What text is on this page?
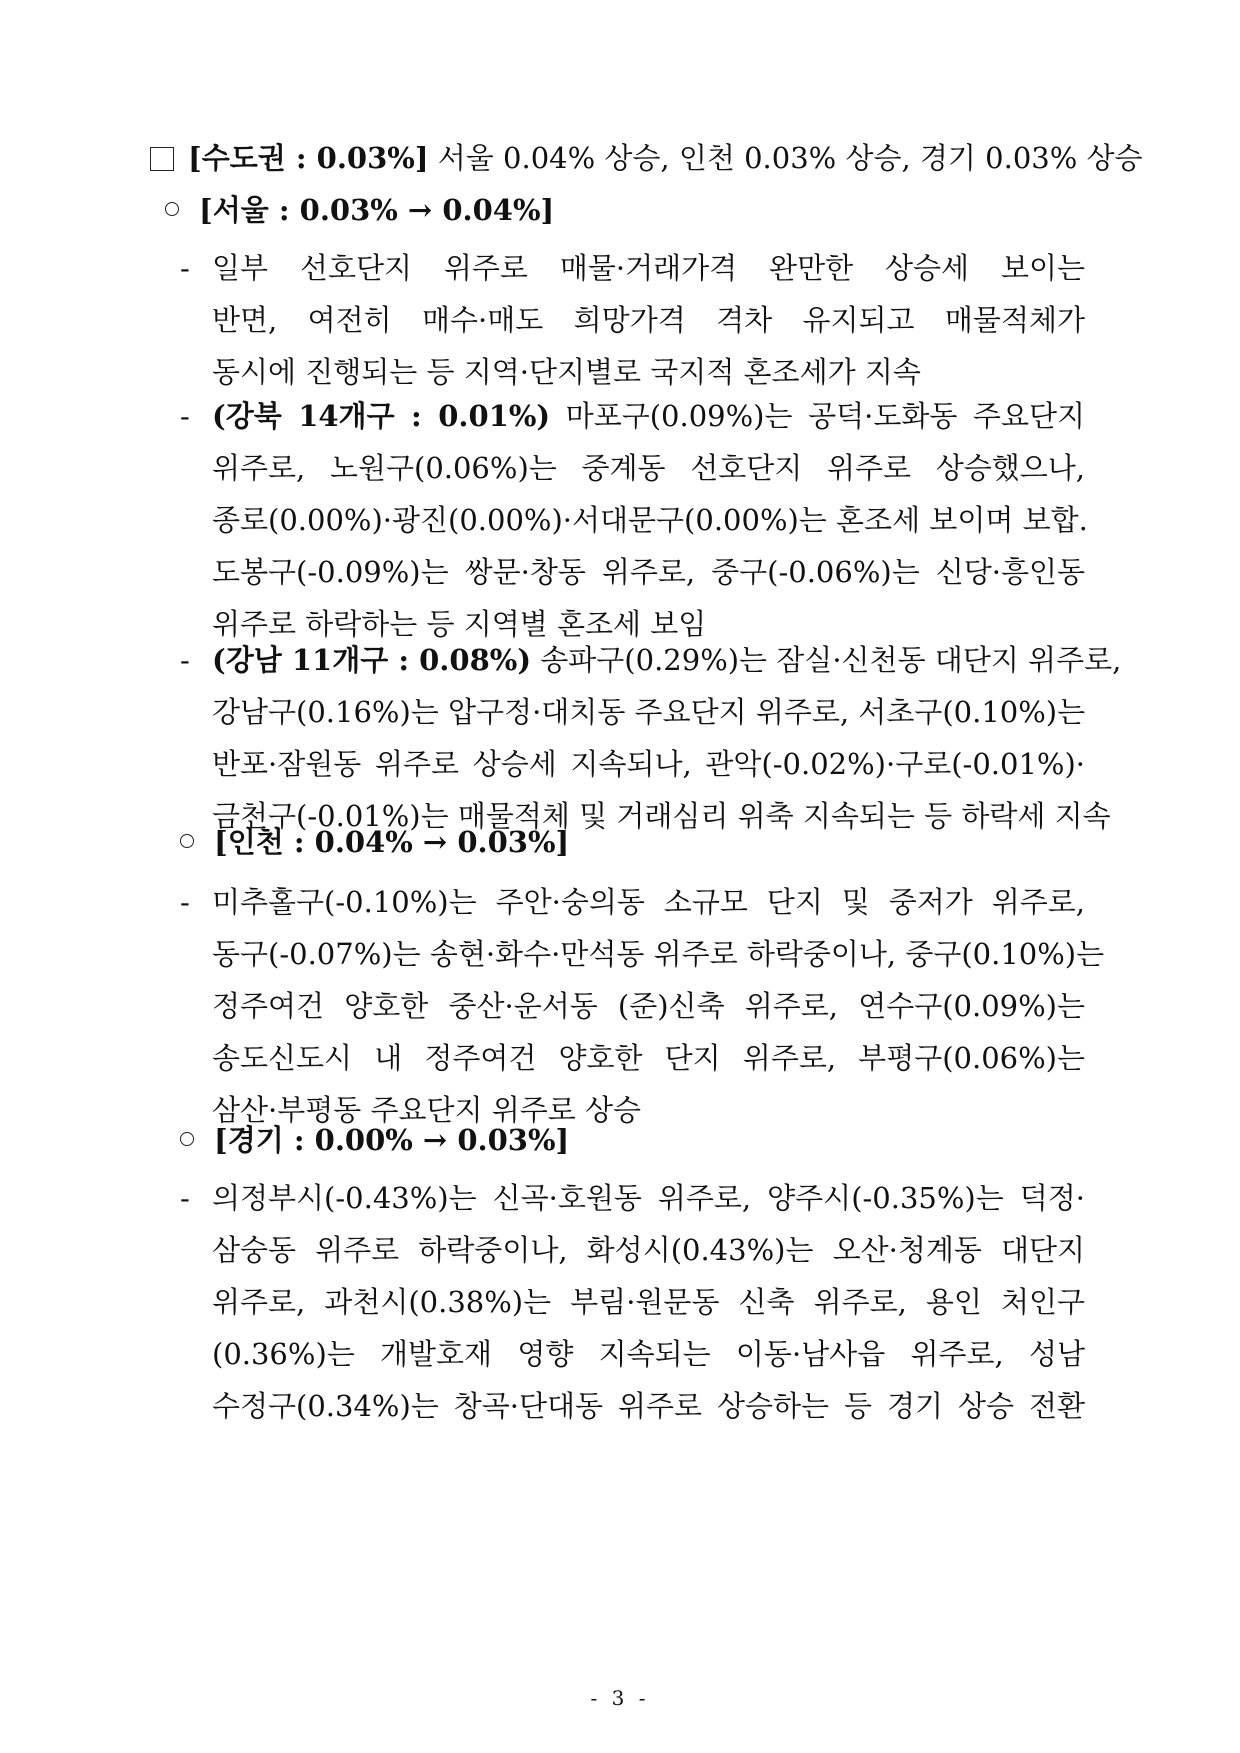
[수도권 : 0.03%] 서울 0.04% 상승, 인천 0.03% 상승, 경기 0.03% 상승
[서울 : 0.03% → 0.04%]
- 일부 선호단지 위주로 매물·거래가격 완만한 상승세 보이는
반면, 여전히 매수·매도 희망가격 격차 유지되고 매물적체가
동시에 진행되는 등 지역·단지별로 국지적 혼조세가 지속
- (강북 14개구 : 0.01%) 마포구(0.09%)는 공덕·도화동 주요단지
위주로, 노원구(0.06%)는 중계동 선호단지 위주로 상승했으나,
종로(0.00%)·광진(0.00%)·서대문구(0.00%)는 혼조세 보이며 보합.
도봉구(-0.09%)는 쌍문·창동 위주로, 중구(-0.06%)는 신당·흥인동
위주로 하락하는 등 지역별 혼조세 보임
- (강남 11개구 : 0.08%) 송파구(0.29%)는 잠실·신천동 대단지 위주로,
강남구(0.16%)는 압구정·대치동 주요단지 위주로, 서초구(0.10%)는
반포·잠원동 위주로 상승세 지속되나, 관악(-0.02%)·구로(-0.01%)·
금천구(-0.01%)는 매물적체 및 거래심리 위축 지속되는 등 하락세 지속
[인천 : 0.04% → 0.03%]
- 미추홀구(-0.10%)는 주안·숭의동 소규모 단지 및 중저가 위주로,
동구(-0.07%)는 송현·화수·만석동 위주로 하락중이나, 중구(0.10%)는
정주여건 양호한 중산·운서동 (준)신축 위주로, 연수구(0.09%)는
송도신도시 내 정주여건 양호한 단지 위주로, 부평구(0.06%)는
삼산·부평동 주요단지 위주로 상승
[경기 : 0.00% → 0.03%]
- 의정부시(-0.43%)는 신곡·호원동 위주로, 양주시(-0.35%)는 덕정·
삼숭동 위주로 하락중이나, 화성시(0.43%)는 오산·청계동 대단지
위주로, 과천시(0.38%)는 부림·원문동 신축 위주로, 용인 처인구
(0.36%)는 개발호재 영향 지속되는 이동·남사읍 위주로, 성남
수정구(0.34%)는 창곡·단대동 위주로 상승하는 등 경기 상승 전환
- 3 -
